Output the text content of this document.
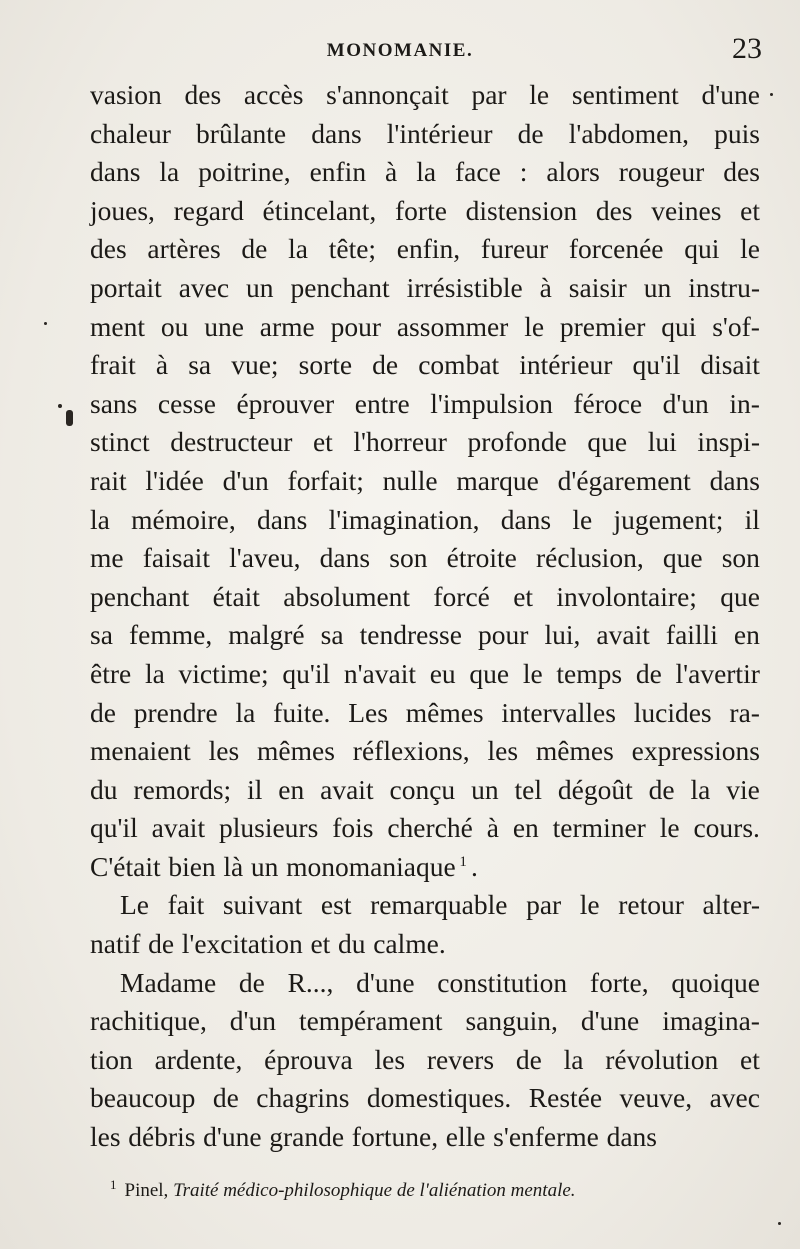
MONOMANIE.	23
vasion des accès s'annonçait par le sentiment d'une
chaleur brûlante dans l'intérieur de l'abdomen, puis
dans la poitrine, enfin à la face : alors rougeur des
joues, regard étincelant, forte distension des veines et
des artères de la tête; enfin, fureur forcenée qui le
portait avec un penchant irrésistible à saisir un instru-
ment ou une arme pour assommer le premier qui s'of-
frait à sa vue; sorte de combat intérieur qu'il disait
sans cesse éprouver entre l'impulsion féroce d'un in-
stinct destructeur et l'horreur profonde que lui inspi-
rait l'idée d'un forfait; nulle marque d'égarement dans
la mémoire, dans l'imagination, dans le jugement; il
me faisait l'aveu, dans son étroite réclusion, que son
penchant était absolument forcé et involontaire; que
sa femme, malgré sa tendresse pour lui, avait failli en
être la victime; qu'il n'avait eu que le temps de l'avertir
de prendre la fuite. Les mêmes intervalles lucides ra-
menaient les mêmes réflexions, les mêmes expressions
du remords; il en avait conçu un tel dégoût de la vie
qu'il avait plusieurs fois cherché à en terminer le cours.
C'était bien là un monomaniaque $^1$ .
Le fait suivant est remarquable par le retour alter-
natif de l'excitation et du calme.
Madame de R..., d'une constitution forte, quoique
rachitique, d'un tempérament sanguin, d'une imagina-
tion ardente, éprouva les revers de la révolution et
beaucoup de chagrins domestiques. Restée veuve, avec
les débris d'une grande fortune, elle s'enferme dans
$^1$ Pinel, Traité médico-philosophique de l'aliénation mentale.
